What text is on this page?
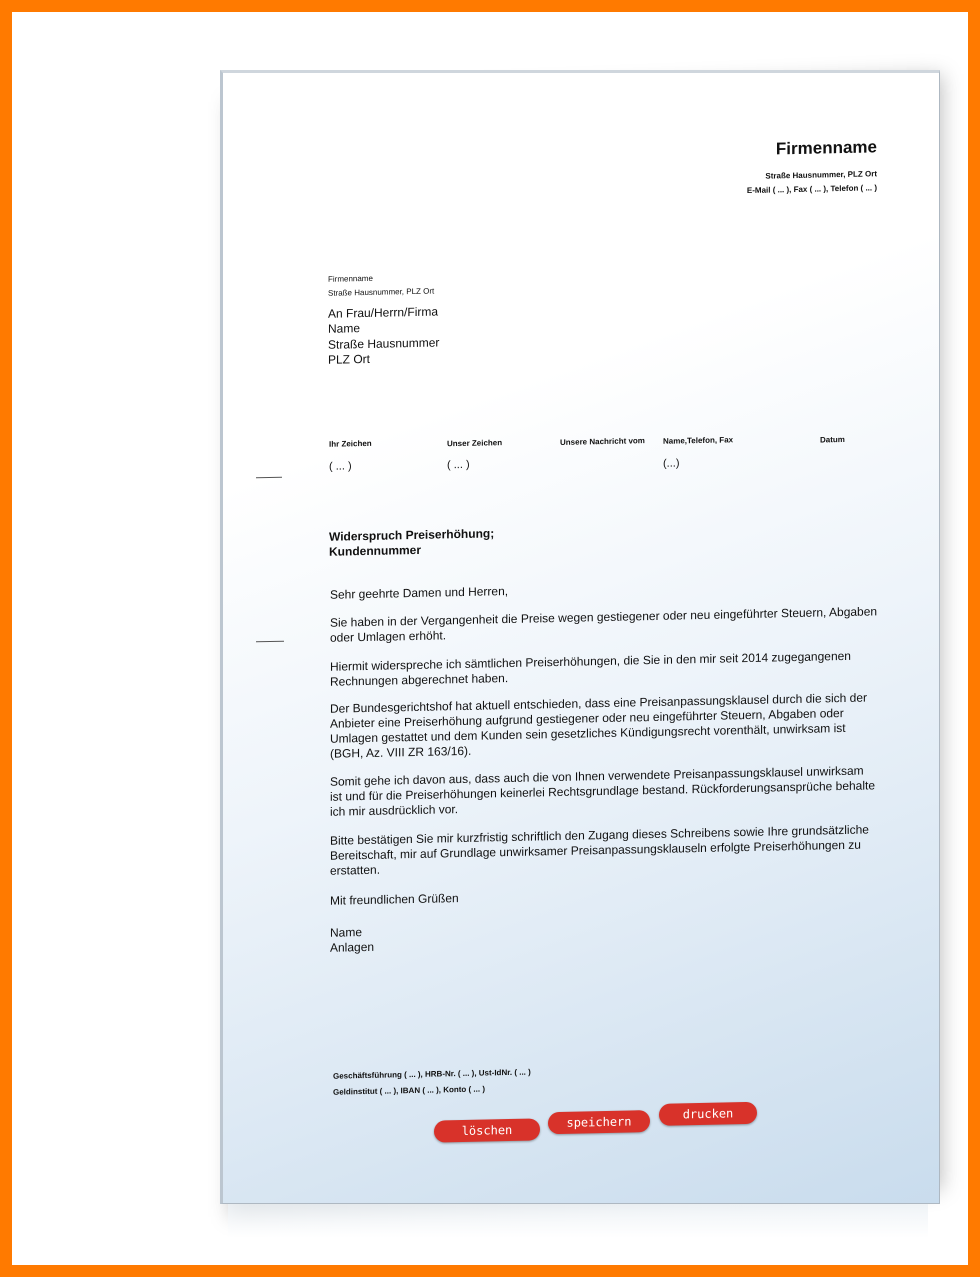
Firmenname
Straße Hausnummer, PLZ Ort
E-Mail ( ... ), Fax ( ... ), Telefon ( ... )
Firmenname
Straße Hausnummer, PLZ Ort
An Frau/Herrn/Firma
Name
Straße Hausnummer
PLZ Ort
Ihr Zeichen
( ... )
Unser Zeichen
( ... )
Unsere Nachricht vom Name,Telefon, Fax
(...)
Datum
Widerspruch Preiserhöhung;
Kundennummer
Sehr geehrte Damen und Herren,
Sie haben in der Vergangenheit die Preise wegen gestiegener oder neu eingeführter Steuern, Abgaben oder Umlagen erhöht.
Hiermit widerspreche ich sämtlichen Preiserhöhungen, die Sie in den mir seit 2014 zugegangenen Rechnungen abgerechnet haben.
Der Bundesgerichtshof hat aktuell entschieden, dass eine Preisanpassungsklausel durch die sich der Anbieter eine Preiserhöhung aufgrund gestiegener oder neu eingeführter Steuern, Abgaben oder Umlagen gestattet und dem Kunden sein gesetzliches Kündigungsrecht vorenthält, unwirksam ist (BGH, Az. VIII ZR 163/16).
Somit gehe ich davon aus, dass auch die von Ihnen verwendete Preisanpassungsklausel unwirksam ist und für die Preiserhöhungen keinerlei Rechtsgrundlage bestand. Rückforderungsansprüche behalte ich mir ausdrücklich vor.
Bitte bestätigen Sie mir kurzfristig schriftlich den Zugang dieses Schreibens sowie Ihre grundsätzliche Bereitschaft, mir auf Grundlage unwirksamer Preisanpassungsklauseln erfolgte Preiserhöhungen zu erstatten.
Mit freundlichen Grüßen
Name
Anlagen
Geschäftsführung ( ... ), HRB-Nr. ( ... ), Ust-IdNr. ( ... )
Geldinstitut ( ... ), IBAN ( ... ), Konto ( ... )
löschen
speichern
drucken
